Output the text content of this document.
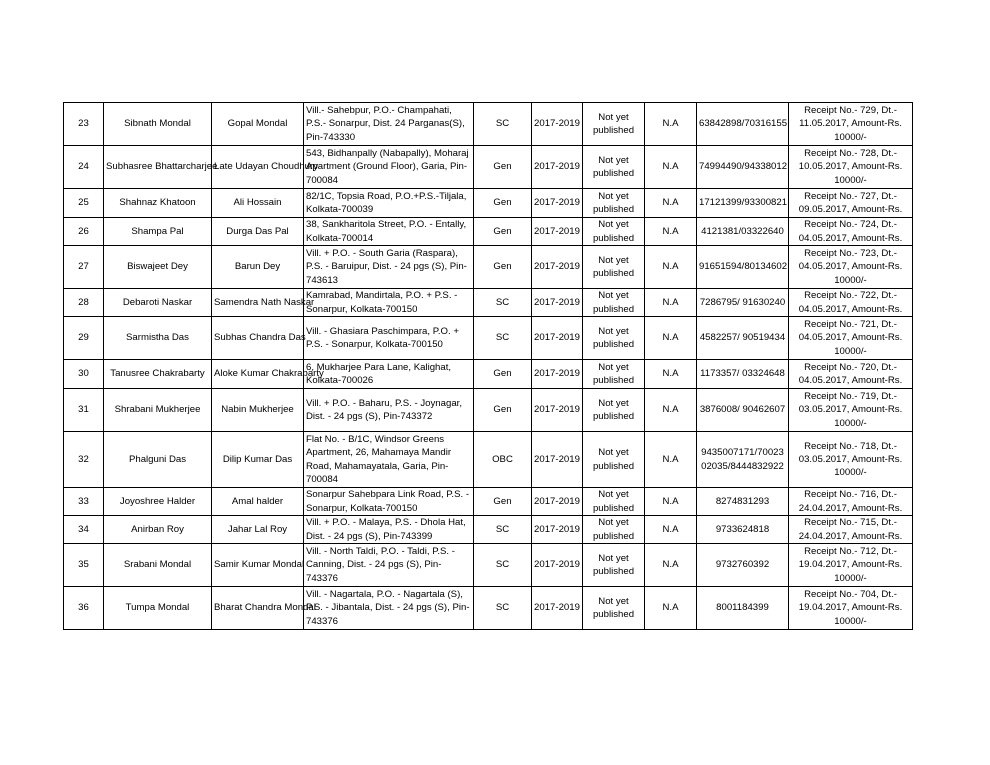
23	Sibnath Mondal	Gopal Mondal	Vill.- Sahebpur, P.O.- Champahati, P.S.- Sonarpur, Dist. 24 Parganas(S), Pin-743330	SC	2017-2019	Not yet published	N.A	63842898/70316155	Receipt No.- 729, Dt.- 11.05.2017, Amount-Rs. 10000/-
24	Subhasree Bhattarcharjee	Late Udayan Choudhury	543, Bidhanpally (Nabapally), Moharaj Apartment (Ground Floor), Garia, Pin-700084	Gen	2017-2019	Not yet published	N.A	74994490/94338012	Receipt No.- 728, Dt.- 10.05.2017, Amount-Rs. 10000/-
25	Shahnaz Khatoon	Ali Hossain	82/1C, Topsia Road, P.O.+P.S.-Tiljala, Kolkata-700039	Gen	2017-2019	Not yet published	N.A	17121399/93300821	Receipt No.- 727, Dt.- 09.05.2017, Amount-Rs.
26	Shampa Pal	Durga Das Pal	38, Sankharitola Street, P.O. - Entally, Kolkata-700014	Gen	2017-2019	Not yet published	N.A	4121381/03322640	Receipt No.- 724, Dt.- 04.05.2017, Amount-Rs.
27	Biswajeet Dey	Barun Dey	Vill. + P.O. - South Garia (Raspara), P.S. - Baruipur, Dist. - 24 pgs (S), Pin-743613	Gen	2017-2019	Not yet published	N.A	91651594/80134602	Receipt No.- 723, Dt.- 04.05.2017, Amount-Rs. 10000/-
28	Debaroti Naskar	Samendra Nath Naskar	Kamrabad, Mandirtala, P.O. + P.S. - Sonarpur, Kolkata-700150	SC	2017-2019	Not yet published	N.A	7286795/ 91630240	Receipt No.- 722, Dt.- 04.05.2017, Amount-Rs.
29	Sarmistha Das	Subhas Chandra Das	Vill. - Ghasiara Paschimpara, P.O. + P.S. - Sonarpur, Kolkata-700150	SC	2017-2019	Not yet published	N.A	4582257/ 90519434	Receipt No.- 721, Dt.- 04.05.2017, Amount-Rs. 10000/-
30	Tanusree Chakrabarty	Aloke Kumar Chakrabarty	6, Mukharjee Para Lane, Kalighat, Kolkata-700026	Gen	2017-2019	Not yet published	N.A	1173357/ 03324648	Receipt No.- 720, Dt.- 04.05.2017, Amount-Rs.
31	Shrabani Mukherjee	Nabin Mukherjee	Vill. + P.O. - Baharu, P.S. - Joynagar, Dist. - 24 pgs (S), Pin-743372	Gen	2017-2019	Not yet published	N.A	3876008/ 90462607	Receipt No.- 719, Dt.- 03.05.2017, Amount-Rs. 10000/-
32	Phalguni Das	Dilip Kumar Das	Flat No. - B/1C, Windsor Greens Apartment, 26, Mahamaya Mandir Road, Mahamayatala, Garia, Pin-700084	OBC	2017-2019	Not yet published	N.A	9435007171/7002302035/8444832922	Receipt No.- 718, Dt.- 03.05.2017, Amount-Rs. 10000/-
33	Joyoshree Halder	Amal halder	Sonarpur Sahebpara Link Road, P.S. - Sonarpur, Kolkata-700150	Gen	2017-2019	Not yet published	N.A	8274831293	Receipt No.- 716, Dt.- 24.04.2017, Amount-Rs.
34	Anirban Roy	Jahar Lal Roy	Vill. + P.O. - Malaya, P.S. - Dhola Hat, Dist. - 24 pgs (S), Pin-743399	SC	2017-2019	Not yet published	N.A	9733624818	Receipt No.- 715, Dt.- 24.04.2017, Amount-Rs.
35	Srabani Mondal	Samir Kumar Mondal	Vill. - North Taldi, P.O. - Taldi, P.S. - Canning, Dist. - 24 pgs (S), Pin-743376	SC	2017-2019	Not yet published	N.A	9732760392	Receipt No.- 712, Dt.- 19.04.2017, Amount-Rs. 10000/-
36	Tumpa Mondal	Bharat Chandra Mondal	Vill. - Nagartala, P.O. - Nagartala (S), P.S. - Jibantala, Dist. - 24 pgs (S), Pin-743376	SC	2017-2019	Not yet published	N.A	8001184399	Receipt No.- 704, Dt.- 19.04.2017, Amount-Rs. 10000/-
